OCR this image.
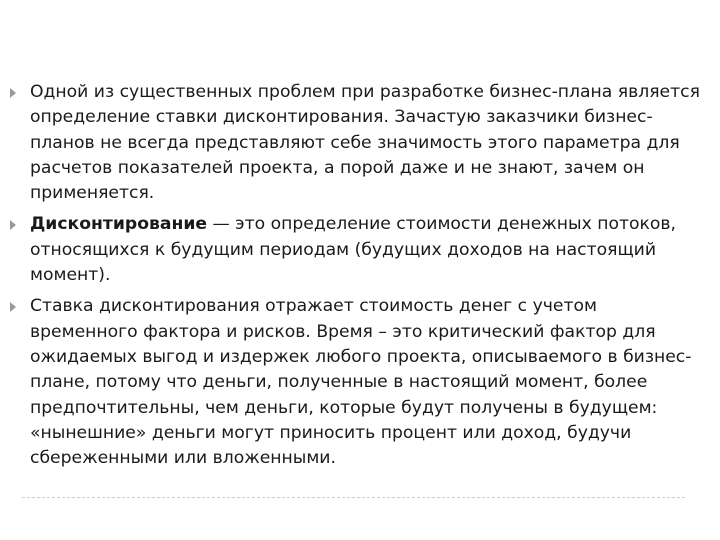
Одной из существенных проблем при разработке бизнес-плана является определение ставки дисконтирования. Зачастую заказчики бизнес-планов не всегда представляют себе значимость этого параметра для расчетов показателей проекта, а порой даже и не знают, зачем он применяется.
Дисконтирование — это определение стоимости денежных потоков, относящихся к будущим периодам (будущих доходов на настоящий момент).
Ставка дисконтирования отражает стоимость денег с учетом временного фактора и рисков. Время – это критический фактор для ожидаемых выгод и издержек любого проекта, описываемого в бизнес-плане, потому что деньги, полученные в настоящий момент, более предпочтительны, чем деньги, которые будут получены в будущем: «нынешние» деньги могут приносить процент или доход, будучи сбереженными или вложенными.
